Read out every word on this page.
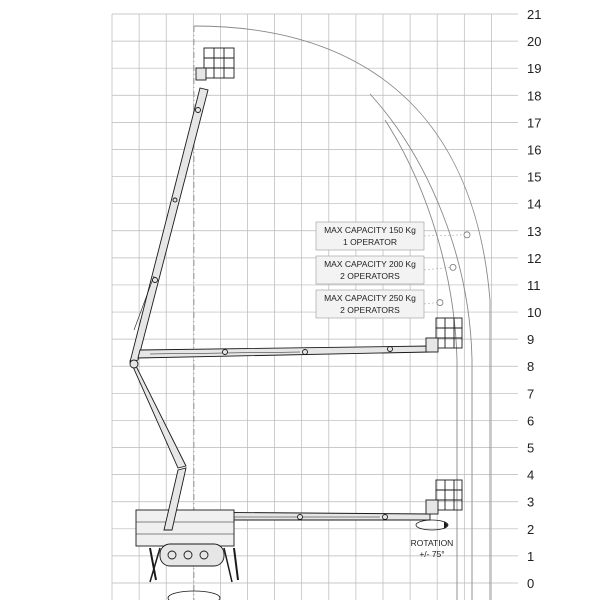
MAX CAPACITY 150 Kg
1 OPERATOR
MAX CAPACITY 200 Kg
2 OPERATORS
MAX CAPACITY 250 Kg
2 OPERATORS
ROTATION
+/- 75°
0
1
2
3
4
5
6
7
8
9
10
11
12
13
14
15
16
17
18
19
20
21
